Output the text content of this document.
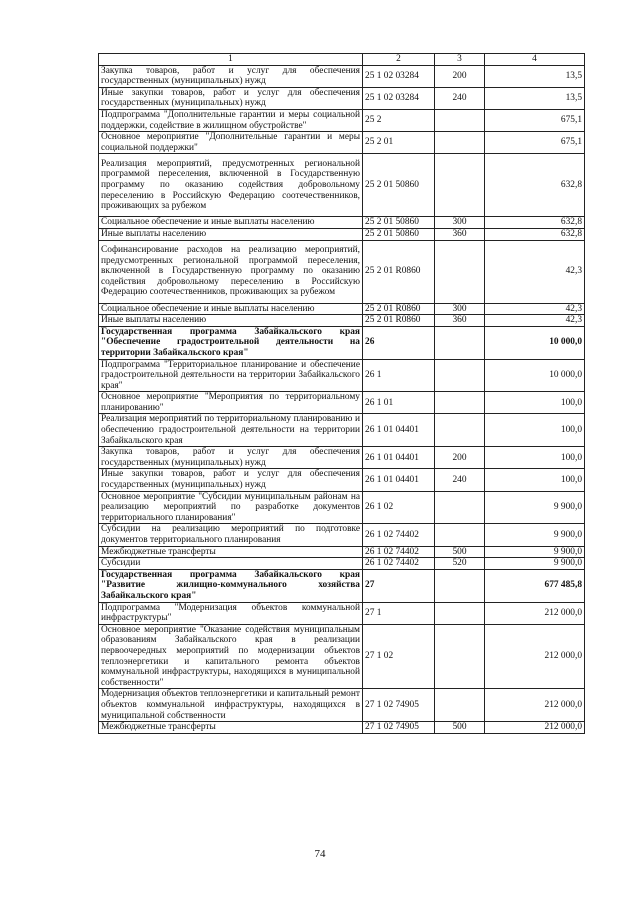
1	2	3	4
Закупка товаров, работ и услуг для обеспечения государственных (муниципальных) нужд	25 1 02 03284	200	13,5
Иные закупки товаров, работ и услуг для обеспечения государственных (муниципальных) нужд	25 1 02 03284	240	13,5
Подпрограмма "Дополнительные гарантии и меры социальной поддержки, содействие в жилищном обустройстве"	25 2		675,1
Основное мероприятие "Дополнительные гарантии и меры социальной поддержки"	25 2 01		675,1
Реализация мероприятий, предусмотренных региональной программой переселения, включенной в Государственную программу по оказанию содействия добровольному переселению в Российскую Федерацию соотечественников, проживающих за рубежом	25 2 01 50860		632,8
Социальное обеспечение и иные выплаты населению	25 2 01 50860	300	632,8
Иные выплаты населению	25 2 01 50860	360	632,8
Софинансирование расходов на реализацию мероприятий, предусмотренных региональной программой переселения, включенной в Государственную программу по оказанию содействия добровольному переселению в Российскую Федерацию соотечественников, проживающих за рубежом	25 2 01 R0860		42,3
Социальное обеспечение и иные выплаты населению	25 2 01 R0860	300	42,3
Иные выплаты населению	25 2 01 R0860	360	42,3
Государственная программа Забайкальского края "Обеспечение градостроительной деятельности на территории Забайкальского края"	26		10 000,0
Подпрограмма "Территориальное планирование и обеспечение градостроительной деятельности на территории Забайкальского края"	26 1		10 000,0
Основное мероприятие "Мероприятия по территориальному планированию"	26 1 01		100,0
Реализация мероприятий по территориальному планированию и обеспечению градостроительной деятельности на территории Забайкальского края	26 1 01 04401		100,0
Закупка товаров, работ и услуг для обеспечения государственных (муниципальных) нужд	26 1 01 04401	200	100,0
Иные закупки товаров, работ и услуг для обеспечения государственных (муниципальных) нужд	26 1 01 04401	240	100,0
Основное мероприятие "Субсидии муниципальным районам на реализацию мероприятий по разработке документов территориального планирования"	26 1 02		9 900,0
Субсидии на реализацию мероприятий по подготовке документов территориального планирования	26 1 02 74402		9 900,0
Межбюджетные трансферты	26 1 02 74402	500	9 900,0
Субсидии	26 1 02 74402	520	9 900,0
Государственная программа Забайкальского края "Развитие жилищно-коммунального хозяйства Забайкальского края"	27		677 485,8
Подпрограмма "Модернизация объектов коммунальной инфраструктуры"	27 1		212 000,0
Основное мероприятие "Оказание содействия муниципальным образованиям Забайкальского края в реализации первоочередных мероприятий по модернизации объектов теплоэнергетики и капитального ремонта объектов коммунальной инфраструктуры, находящихся в муниципальной собственности"	27 1 02		212 000,0
Модернизация объектов теплоэнергетики и капитальный ремонт объектов коммунальной инфраструктуры, находящихся в муниципальной собственности	27 1 02 74905		212 000,0
Межбюджетные трансферты	27 1 02 74905	500	212 000,0
74
